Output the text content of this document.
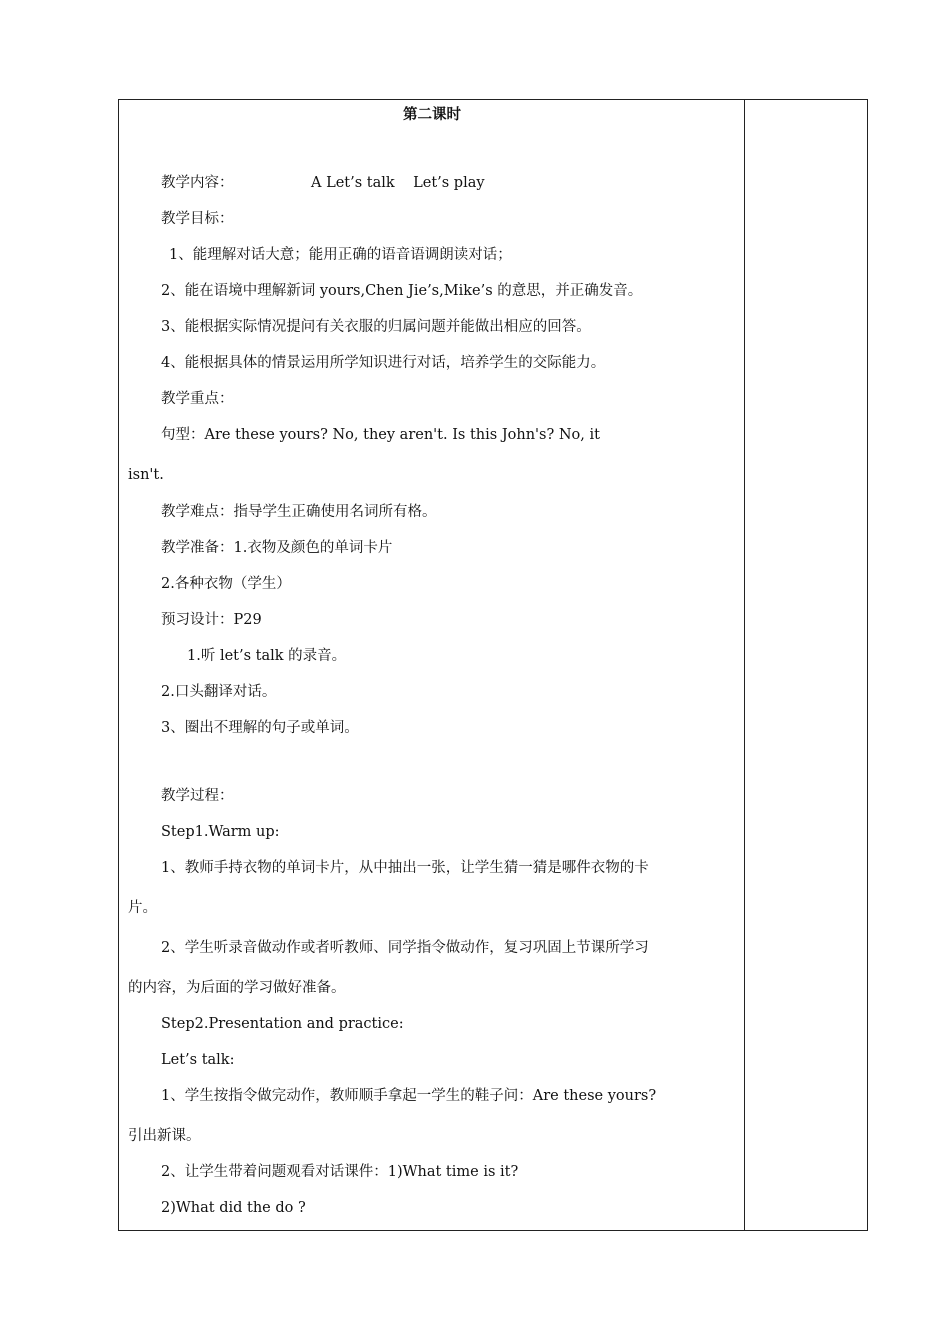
第二课时
教学内容：	A Let’s talk    Let’s play
教学目标：
1、能理解对话大意；能用正确的语音语调朗读对话；
2、能在语境中理解新词 yours,Chen Jie’s,Mike’s 的意思，并正确发音。
3、能根据实际情况提问有关衣服的归属问题并能做出相应的回答。
4、能根据具体的情景运用所学知识进行对话，培养学生的交际能力。
教学重点：
句型：Are these yours? No, they aren't. Is this John's? No, it
isn't.
教学难点：指导学生正确使用名词所有格。
教学准备：1.衣物及颜色的单词卡片
2.各种衣物（学生）
预习设计：P29
1.听 let’s talk 的录音。
2.口头翻译对话。
3、圈出不理解的句子或单词。
教学过程：
Step1.Warm up:
1、教师手持衣物的单词卡片，从中抽出一张，让学生猜一猜是哪件衣物的卡
片。
2、学生听录音做动作或者听教师、同学指令做动作，复习巩固上节课所学习
的内容，为后面的学习做好准备。
Step2.Presentation and practice:
Let’s talk:
1、学生按指令做完动作，教师顺手拿起一学生的鞋子问：Are these yours?
引出新课。
2、让学生带着问题观看对话课件：1)What time is it?
2)What did the do ?
